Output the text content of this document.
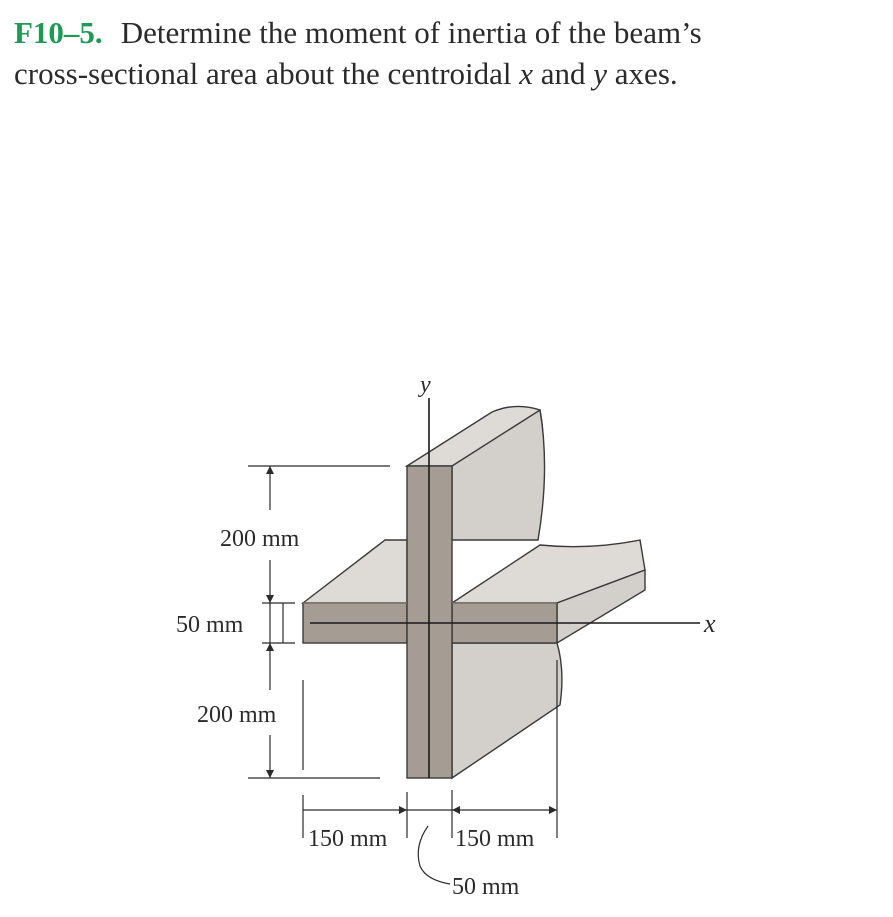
F10–5. Determine the moment of inertia of the beam’s
cross-sectional area about the centroidal x and y axes.
y
x
200 mm
50 mm
200 mm
150 mm	150 mm
50 mm
